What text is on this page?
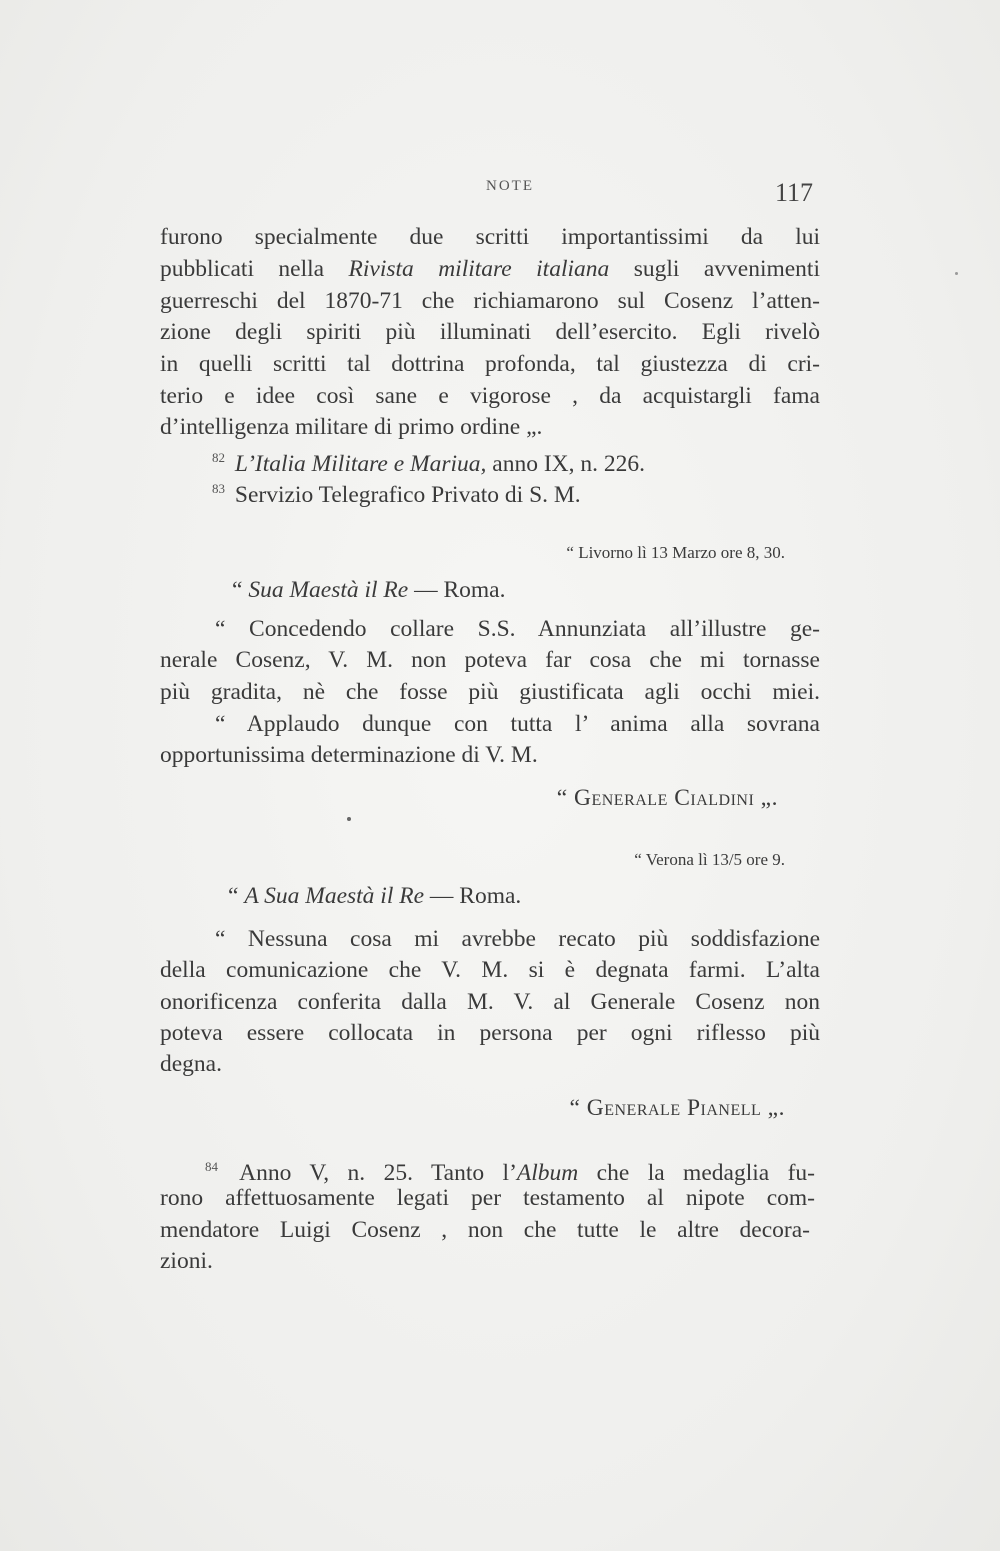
NOTE	117
furono specialmente due scritti importantissimi da lui
pubblicati nella Rivista militare italiana sugli avvenimenti
guerreschi del 1870-71 che richiamarono sul Cosenz l’atten-
zione degli spiriti più illuminati dell’esercito. Egli rivelò
in quelli scritti tal dottrina profonda, tal giustezza di cri-
terio e idee così sane e vigorose , da acquistargli fama
d’intelligenza militare di primo ordine „.
$^{82}$ L’Italia Militare e Mariua, anno IX, n. 226.
$^{83}$ Servizio Telegrafico Privato di S. M.
“ Livorno lì 13 Marzo ore 8, 30.
“ Sua Maestà il Re — Roma.
“ Concedendo collare S.S. Annunziata all’illustre ge-
nerale Cosenz, V. M. non poteva far cosa che mi tornasse
più gradita, nè che fosse più giustificata agli occhi miei.
“ Applaudo dunque con tutta l’ anima alla sovrana
opportunissima determinazione di V. M.
“ Generale Cialdini „.
“ Verona lì 13/5 ore 9.
“ A Sua Maestà il Re — Roma.
“ Nessuna cosa mi avrebbe recato più soddisfazione
della comunicazione che V. M. si è degnata farmi. L’alta
onorificenza conferita dalla M. V. al Generale Cosenz non
poteva essere collocata in persona per ogni riflesso più
degna.
“ Generale Pianell „.
$^{84}$ Anno V, n. 25. Tanto l’Album che la medaglia fu-
rono affettuosamente legati per testamento al nipote com-
mendatore Luigi Cosenz , non che tutte le altre decora-
zioni.
